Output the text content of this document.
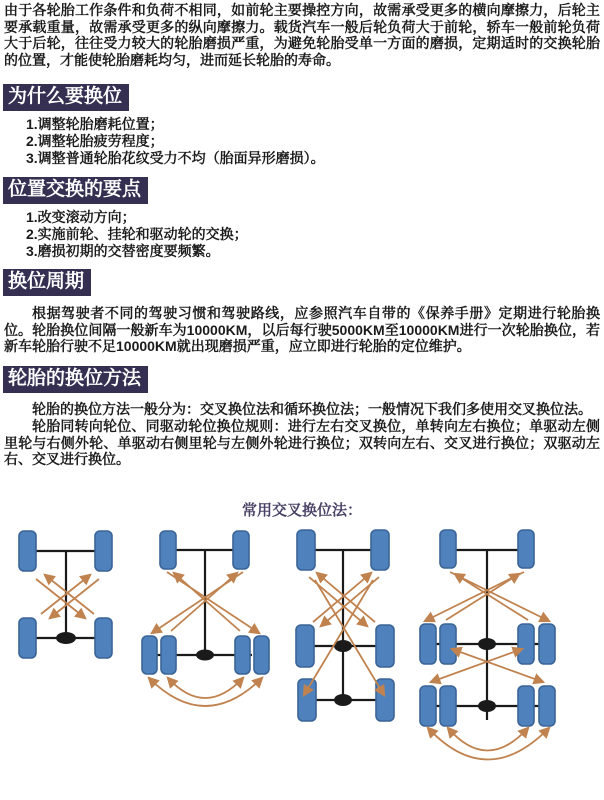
由于各轮胎工作条件和负荷不相同，如前轮主要操控方向，故需承受更多的横向摩擦力，后轮主要承载重量，故需承受更多的纵向摩擦力。载货汽车一般后轮负荷大于前轮，轿车一般前轮负荷大于后轮，往往受力较大的轮胎磨损严重，为避免轮胎受单一方面的磨损，定期适时的交换轮胎的位置，才能使轮胎磨耗均匀，进而延长轮胎的寿命。

为什么要换位
1.调整轮胎磨耗位置；
2.调整轮胎疲劳程度；
3.调整普通轮胎花纹受力不均（胎面异形磨损）。
位置交换的要点
1.改变滚动方向；
2.实施前轮、挂轮和驱动轮的交换；
3.磨损初期的交替密度要频繁。
换位周期

根据驾驶者不同的驾驶习惯和驾驶路线，应参照汽车自带的《保养手册》定期进行轮胎换位。轮胎换位间隔一般新车为10000KM，以后每行驶5000KM至10000KM进行一次轮胎换位，若新车轮胎行驶不足10000KM就出现磨损严重，应立即进行轮胎的定位维护。

轮胎的换位方法

轮胎的换位方法一般分为：交叉换位法和循环换位法；一般情况下我们多使用交叉换位法。

轮胎同转向轮位、同驱动轮位换位规则：进行左右交叉换位，单转向左右换位；单驱动左侧里轮与右侧外轮、单驱动右侧里轮与左侧外轮进行换位；双转向左右、交叉进行换位；双驱动左右、交叉进行换位。

常用交叉换位法：
